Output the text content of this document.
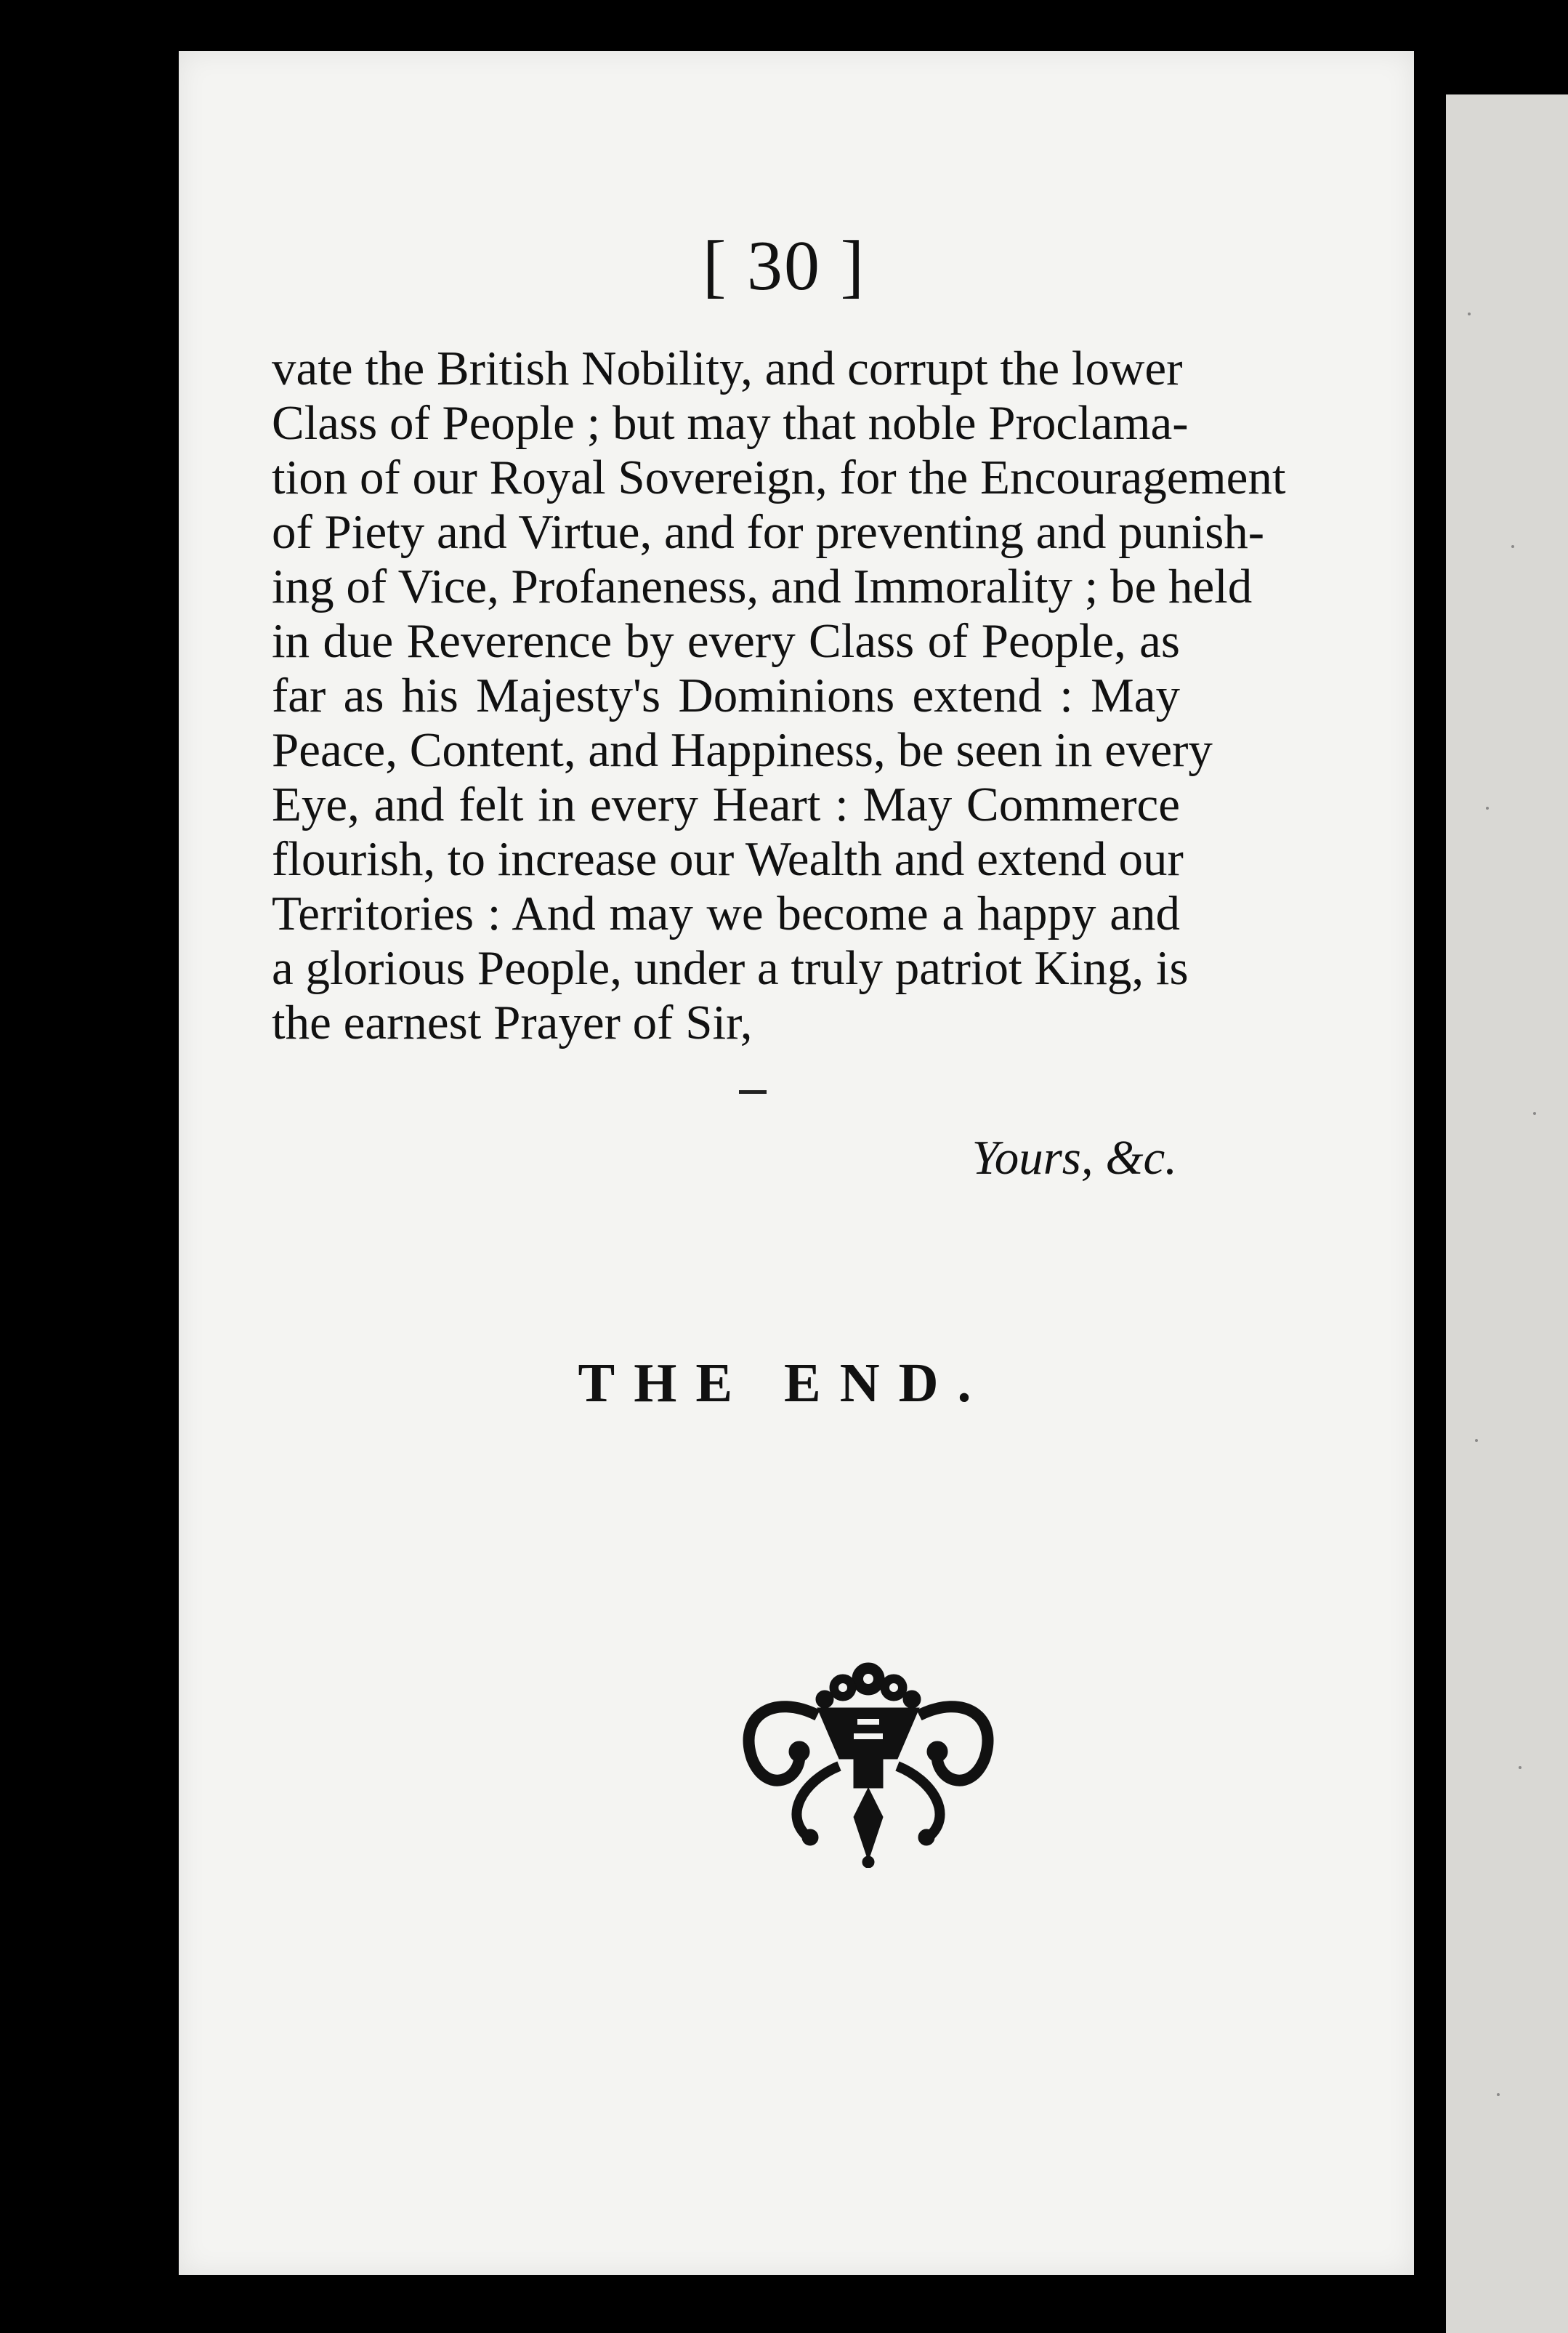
[ 30 ]
vate the British Nobility, and corrupt the lower
Class of People ; but may that noble Proclama-
tion of our Royal Sovereign, for the Encouragement
of Piety and Virtue, and for preventing and punish-
ing of Vice, Profaneness, and Immorality ; be held
in due Reverence by every Class of People, as
far as his Majesty's Dominions extend : May
Peace, Content, and Happiness, be seen in every
Eye, and felt in every Heart : May Commerce
flourish, to increase our Wealth and extend our
Territories : And may we become a happy and
a glorious People, under a truly patriot King, is
the earnest Prayer of Sir,
Yours, &c.
THE END.
